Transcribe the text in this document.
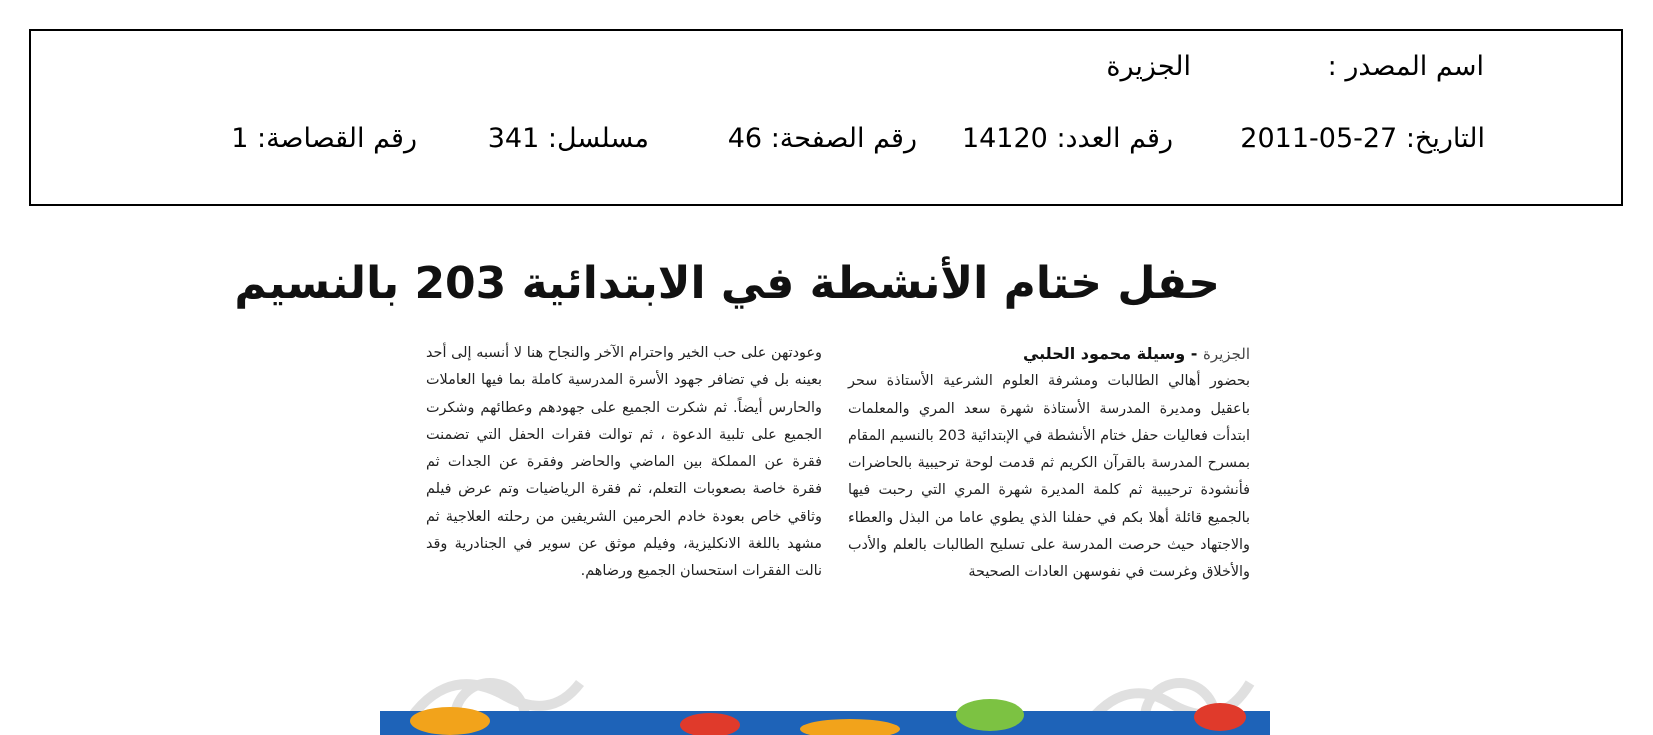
اسم المصدر :
الجزيرة
التاريخ: 27-05-2011
رقم العدد: 14120
رقم الصفحة: 46
مسلسل: 341
رقم القصاصة: 1
حفل ختام الأنشطة في الابتدائية 203 بالنسيم
الجزيرة - وسيلة محمود الحلبي

بحضور أهالي الطالبات ومشرفة العلوم الشرعية الأستاذة سحر باعقيل ومديرة المدرسة الأستاذة شهرة سعد المري والمعلمات ابتدأت فعاليات حفل ختام الأنشطة في الإبتدائية 203 بالنسيم المقام بمسرح المدرسة بالقرآن الكريم ثم قدمت لوحة ترحيبية بالحاضرات فأنشودة ترحيبية ثم كلمة المديرة شهرة المري التي رحبت فيها بالجميع قائلة أهلا بكم في حفلنا الذي يطوي عاما من البذل والعطاء والاجتهاد حيث حرصت المدرسة على تسليح الطالبات بالعلم والأدب والأخلاق وغرست في نفوسهن العادات الصحيحة

وعودتهن على حب الخير واحترام الآخر والنجاح هنا لا أنسبه إلى أحد بعينه بل في تضافر جهود الأسرة المدرسية كاملة بما فيها العاملات والحارس أيضاً. ثم شكرت الجميع على جهودهم وعطائهم وشكرت الجميع على تلبية الدعوة ، ثم توالت فقرات الحفل التي تضمنت فقرة عن المملكة بين الماضي والحاضر وفقرة عن الجدات ثم فقرة خاصة بصعوبات التعلم، ثم فقرة الرياضيات وتم عرض فيلم وثاقي خاص بعودة خادم الحرمين الشريفين من رحلته العلاجية ثم مشهد باللغة الانكليزية، وفيلم موثق عن سوير في الجنادرية وقد نالت الفقرات استحسان الجميع ورضاهم.
